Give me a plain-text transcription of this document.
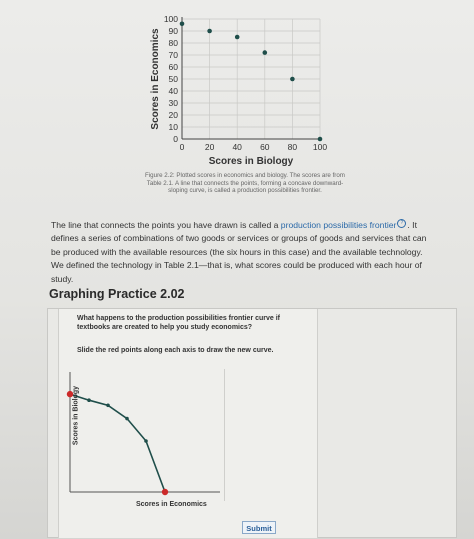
0
10
20
30
40
50
60
70
80
90
100
0 20 40 60 80 100
Scores in Biology
Scores in Economics
Figure 2.2: Plotted scores in economics and biology. The scores are from Table 2.1. A line that connects the points, forming a concave downward-sloping curve, is called a production possibilities frontier.
The line that connects the points you have drawn is called a production possibilities frontier ? . It defines a series of combinations of two goods or services or groups of goods and services that can be produced with the available resources (the six hours in this case) and the available technology. We defined the technology in Table 2.1—that is, what scores could be produced with each hour of study.
Graphing Practice 2.02
What happens to the production possibilities frontier curve if textbooks are created to help you study economics?
Slide the red points along each axis to draw the new curve.
Scores in Biology
Scores in Economics
Submit
